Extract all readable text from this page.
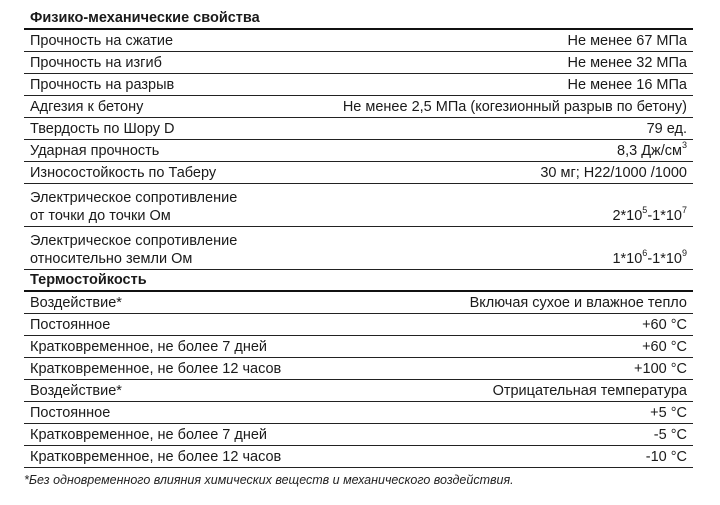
Физико-механические свойства
Прочность на сжатие	Не менее 67 МПа
Прочность на изгиб	Не менее 32 МПа
Прочность на разрыв	Не менее 16 МПа
Адгезия к бетону	Не менее 2,5 МПа (когезионный разрыв по бетону)
Твердость по Шору D	79 ед.
Ударная прочность	8,3 $Дж/см^3$
Износостойкость по Таберу	30 мг; H22/1000 /1000
Электрическое сопротивление
от точки до точки Ом	$2*10^5-1*10^7$
Электрическое сопротивление
относительно земли Ом	$1*10^6-1*10^9$
Термостойкость
Воздействие*	Включая сухое и влажное тепло
Постоянное	+60 °C
Кратковременное, не более 7 дней	+60 °C
Кратковременное, не более 12 часов	+100 °C
Воздействие*	Отрицательная температура
Постоянное	+5 °C
Кратковременное, не более 7 дней	-5 °C
Кратковременное, не более 12 часов	-10 °C
*Без одновременного влияния химических веществ и механического воздействия.
